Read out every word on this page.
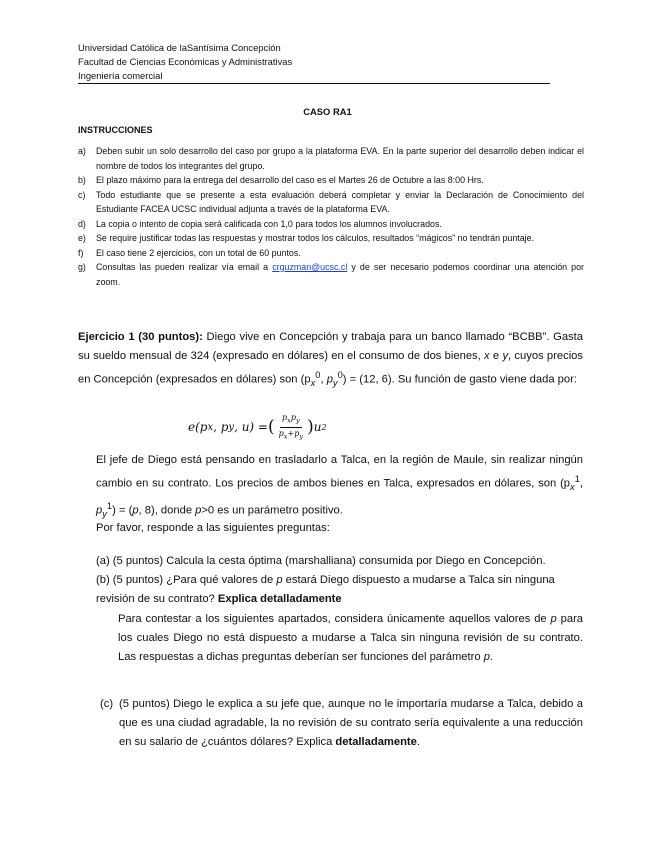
Universidad Católica de laSantísima Concepción
Facultad de Ciencias Económicas y Administrativas
Ingeniería comercial
CASO RA1
INSTRUCCIONES
a) Deben subir un solo desarrollo del caso por grupo a la plataforma EVA. En la parte superior del desarrollo deben indicar el nombre de todos los integrantes del grupo.
b) El plazo máximo para la entrega del desarrollo del caso es el Martes 26 de Octubre a las 8:00 Hrs.
c) Todo estudiante que se presente a esta evaluación deberá completar y enviar la Declaración de Conocimiento del Estudiante FACEA UCSC individual adjunta a través de la plataforma EVA.
d) La copia o intento de copia será calificada con 1,0 para todos los alumnos involucrados.
e) Se require justificar todas las respuestas y mostrar todos los cálculos, resultados “mágicos” no tendrán puntaje.
f) El caso tiene 2 ejercicios, con un total de 60 puntos.
g) Consultas las pueden realizar vía email a crguzman@ucsc.cl y de ser necesario podemos coordinar una atención por zoom.
Ejercicio 1 (30 puntos): Diego vive en Concepción y trabaja para un banco llamado “BCBB”. Gasta su sueldo mensual de 324 (expresado en dólares) en el consumo de dos bienes, x e y, cuyos precios en Concepción (expresados en dólares) son ($p_x^0$, $p_y^0) = (12$, 6). Su función de gasto viene dada por:
e(p x , p y , u) = ( $\frac{p_xp_y}{p_x+p_y}$ ) u 2
El jefe de Diego está pensando en trasladarlo a Talca, en la región de Maule, sin realizar ningún cambio en su contrato. Los precios de ambos bienes en Talca, expresados en dólares, son ($p_x^1$, $p_y^1) = (p$, 8), donde p>0 es un parámetro positivo.
Por favor, responde a las siguientes preguntas:
(a) (5 puntos) Calcula la cesta óptima (marshalliana) consumida por Diego en Concepción.
(b) (5 puntos) ¿Para qué valores de p estará Diego dispuesto a mudarse a Talca sin ninguna revisión de su contrato? Explica detalladamente
Para contestar a los siguientes apartados, considera únicamente aquellos valores de p para los cuales Diego no está dispuesto a mudarse a Talca sin ninguna revisión de su contrato. Las respuestas a dichas preguntas deberían ser funciones del parámetro p.
(c) (5 puntos) Diego le explica a su jefe que, aunque no le importaría mudarse a Talca, debido a que es una ciudad agradable, la no revisión de su contrato sería equivalente a una reducción en su salario de ¿cuántos dólares? Explica detalladamente.
